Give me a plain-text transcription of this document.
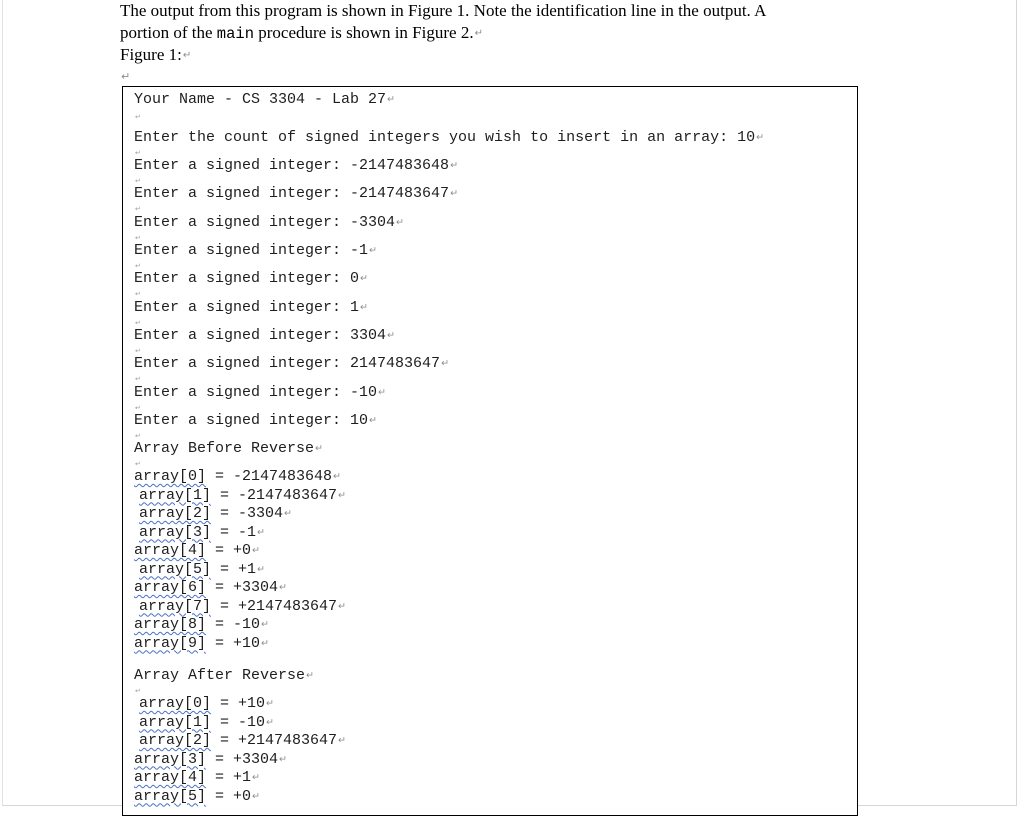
The output from this program is shown in Figure 1. Note the identification line in the output. A
portion of the main procedure is shown in Figure 2.↵
Figure 1:↵
↵
Your Name - CS 3304 - Lab 27↵
↵
Enter the count of signed integers you wish to insert in an array: 10↵
↵
Enter a signed integer: -2147483648↵
↵
Enter a signed integer: -2147483647↵
↵
Enter a signed integer: -3304↵
↵
Enter a signed integer: -1↵
↵
Enter a signed integer: 0↵
↵
Enter a signed integer: 1↵
↵
Enter a signed integer: 3304↵
↵
Enter a signed integer: 2147483647↵
↵
Enter a signed integer: -10↵
↵
Enter a signed integer: 10↵
↵
Array Before Reverse↵
↵
array[0] = -2147483648↵
array[1] = -2147483647↵
array[2] = -3304↵
array[3] = -1↵
array[4] = +0↵
array[5] = +1↵
array[6] = +3304↵
array[7] = +2147483647↵
array[8] = -10↵
array[9] = +10↵
Array After Reverse↵
↵
array[0] = +10↵
array[1] = -10↵
array[2] = +2147483647↵
array[3] = +3304↵
array[4] = +1↵
array[5] = +0↵
